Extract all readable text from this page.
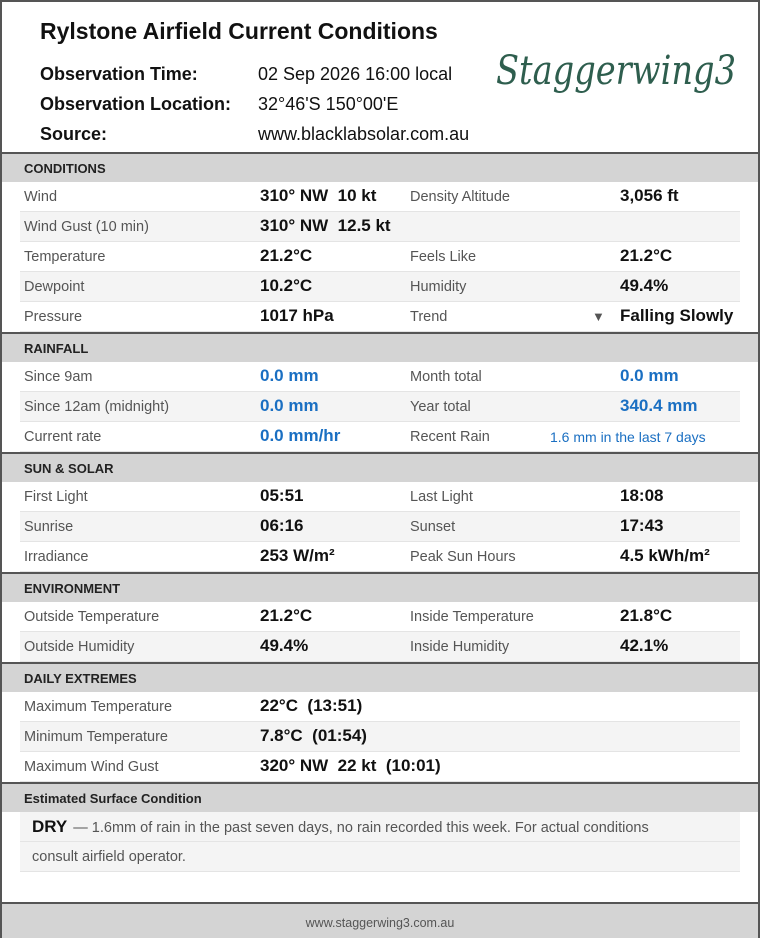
Rylstone Airfield Current Conditions
Observation Time:	02 Sep 2026 16:00 local
Observation Location: 32°46'S 150°00'E
Source:	www.blacklabsolar.com.au
Staggerwing3
CONDITIONS
Wind	310° NW  10 kt Density Altitude	3,056 ft
Wind Gust (10 min)	310° NW  12.5 kt
Temperature	21.2°C	Feels Like	21.2°C
Dewpoint	10.2°C	Humidity	49.4%
Pressure	1017 hPa	Trend	▼ Falling Slowly
RAINFALL
Since 9am	0.0 mm	Month total	0.0 mm
Since 12am (midnight)	0.0 mm	Year total	340.4 mm
Current rate	0.0 mm/hr	Recent Rain	1.6 mm in the last 7 days
SUN & SOLAR
First Light	05:51	Last Light	18:08
Sunrise	06:16	Sunset	17:43
Irradiance	253 W/m²	Peak Sun Hours	4.5 kWh/m²
ENVIRONMENT
Outside Temperature	21.2°C	Inside Temperature	21.8°C
Outside Humidity	49.4%	Inside Humidity	42.1%
DAILY EXTREMES
Maximum Temperature	22°C  (13:51)
Minimum Temperature	7.8°C  (01:54)
Maximum Wind Gust	320° NW  22 kt  (10:01)
Estimated Surface Condition
DRY — 1.6mm of rain in the past seven days, no rain recorded this week. For actual conditions
consult airfield operator.
www.staggerwing3.com.au
